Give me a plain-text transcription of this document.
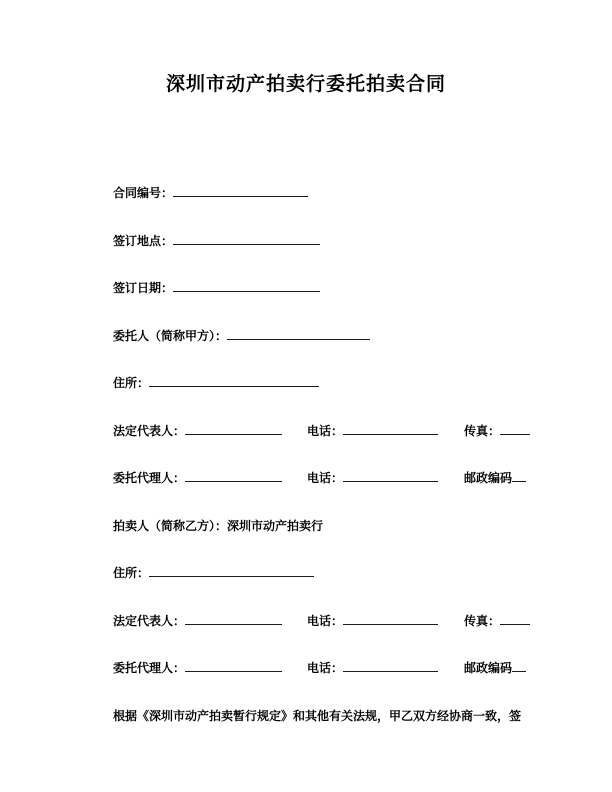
深圳市动产拍卖行委托拍卖合同
合同编号：
签订地点：
签订日期：
委托人（简称甲方）：
住所：
法定代表人：	电话：	传真：
委托代理人：	电话：	邮政编码
拍卖人（简称乙方）：深圳市动产拍卖行
住所：
法定代表人：	电话：	传真：
委托代理人：	电话：	邮政编码

根据《深圳市动产拍卖暂行规定》和其他有关法规，甲乙双方经协商一致，签
